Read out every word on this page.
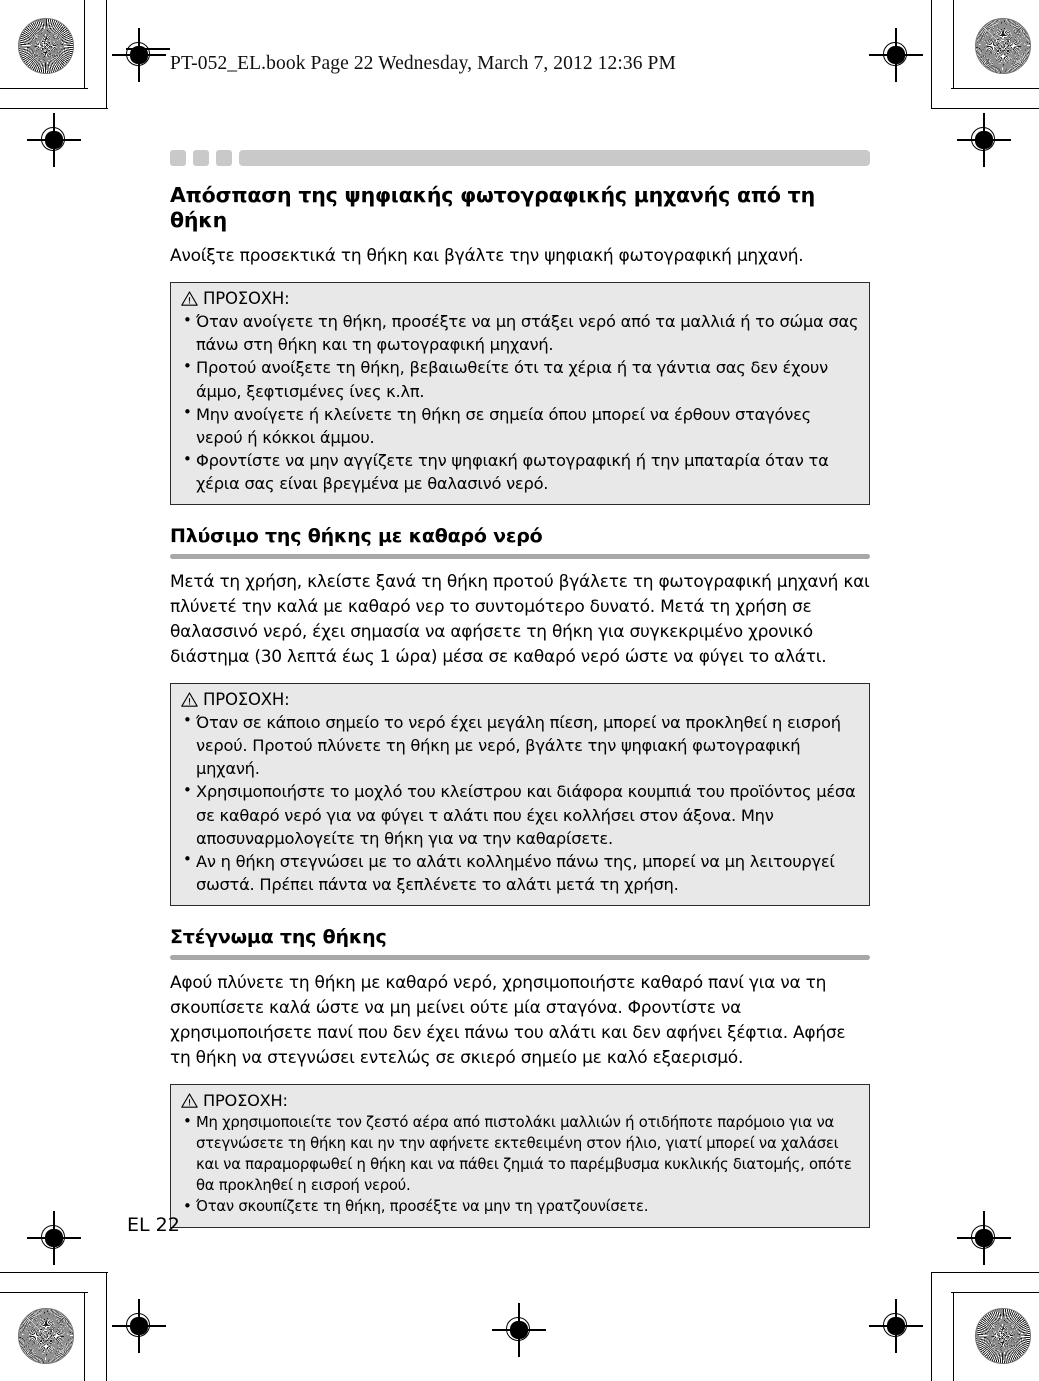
PT-052_EL.book Page 22 Wednesday, March 7, 2012 12:36 PM
Απόσπαση της ψηφιακής φωτογραφικής μηχανής από τη θήκη

Ανοίξτε προσεκτικά τη θήκη και βγάλτε την ψηφιακή φωτογραφική μηχανή.

ΠΡΟΣΟΧΗ:
• Όταν ανοίγετε τη θήκη, προσέξτε να μη στάξει νερό από τα μαλλιά ή το σώμα σας πάνω στη θήκη και τη φωτογραφική μηχανή.
• Προτού ανοίξετε τη θήκη, βεβαιωθείτε ότι τα χέρια ή τα γάντια σας δεν έχουν άμμο, ξεφτισμένες ίνες κ.λπ.
• Μην ανοίγετε ή κλείνετε τη θήκη σε σημεία όπου μπορεί να έρθουν σταγόνες νερού ή κόκκοι άμμου.
• Φροντίστε να μην αγγίζετε την ψηφιακή φωτογραφική ή την μπαταρία όταν τα χέρια σας είναι βρεγμένα με θαλασινό νερό.
Πλύσιμο της θήκης με καθαρό νερό

Μετά τη χρήση, κλείστε ξανά τη θήκη προτού βγάλετε τη φωτογραφική μηχανή και πλύνετέ την καλά με καθαρό νερ το συντομότερο δυνατό. Μετά τη χρήση σε θαλασσινό νερό, έχει σημασία να αφήσετε τη θήκη για συγκεκριμένο χρονικό διάστημα (30 λεπτά έως 1 ώρα) μέσα σε καθαρό νερό ώστε να φύγει το αλάτι.

ΠΡΟΣΟΧΗ:
• Όταν σε κάποιο σημείο το νερό έχει μεγάλη πίεση, μπορεί να προκληθεί η εισροή νερού. Προτού πλύνετε τη θήκη με νερό, βγάλτε την ψηφιακή φωτογραφική μηχανή.
• Χρησιμοποιήστε το μοχλό του κλείστρου και διάφορα κουμπιά του προϊόντος μέσα σε καθαρό νερό για να φύγει τ αλάτι που έχει κολλήσει στον άξονα. Μην αποσυναρμολογείτε τη θήκη για να την καθαρίσετε.
• Αν η θήκη στεγνώσει με το αλάτι κολλημένο πάνω της, μπορεί να μη λειτουργεί σωστά. Πρέπει πάντα να ξεπλένετε το αλάτι μετά τη χρήση.
Στέγνωμα της θήκης

Αφού πλύνετε τη θήκη με καθαρό νερό, χρησιμοποιήστε καθαρό πανί για να τη σκουπίσετε καλά ώστε να μη μείνει ούτε μία σταγόνα. Φροντίστε να χρησιμοποιήσετε πανί που δεν έχει πάνω του αλάτι και δεν αφήνει ξέφτια. Αφήσε τη θήκη να στεγνώσει εντελώς σε σκιερό σημείο με καλό εξαερισμό.

ΠΡΟΣΟΧΗ:
• Μη χρησιμοποιείτε τον ζεστό αέρα από πιστολάκι μαλλιών ή οτιδήποτε παρόμοιο για να στεγνώσετε τη θήκη και ην την αφήνετε εκτεθειμένη στον ήλιο, γιατί μπορεί να χαλάσει και να παραμορφωθεί η θήκη και να πάθει ζημιά το παρέμβυσμα κυκλικής διατομής, οπότε θα προκληθεί η εισροή νερού.
• Όταν σκουπίζετε τη θήκη, προσέξτε να μην τη γρατζουνίσετε.
EL 22
